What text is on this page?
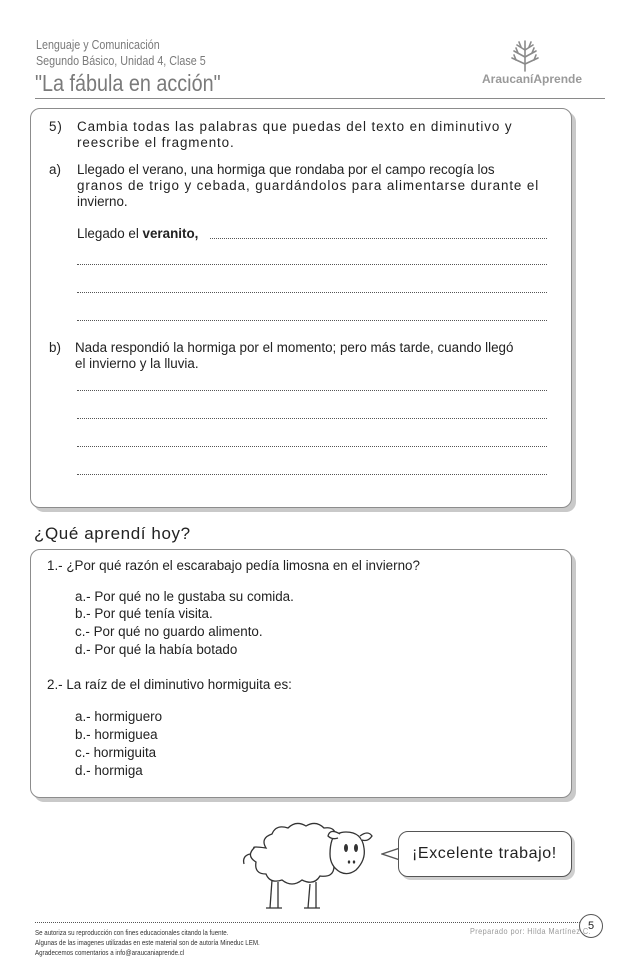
Lenguaje y Comunicación
Segundo Básico, Unidad 4, Clase 5
"La fábula en acción"	AraucaníAprende
5) Cambia todas las palabras que puedas del texto en diminutivo y
reescribe el fragmento.
a) Llegado el verano, una hormiga que rondaba por el campo recogía los
granos de trigo y cebada, guardándolos para alimentarse durante el
invierno.
Llegado el veranito,
b) Nada respondió la hormiga por el momento; pero más tarde, cuando llegó
el invierno y la lluvia.
¿Qué aprendí hoy?
1.- ¿Por qué razón el escarabajo pedía limosna en el invierno?
a.- Por qué no le gustaba su comida.
b.- Por qué tenía visita.
c.- Por qué no guardo alimento.
d.- Por qué la había botado
2.- La raíz de el diminutivo hormiguita es:
a.- hormiguero
b.- hormiguea
c.- hormiguita
d.- hormiga
¡Excelente trabajo!
Se autoriza su reproducción con fines educacionales citando la fuente.
Algunas de las imagenes utilizadas en este material son de autoría Mineduc LEM.
Agradecemos comentarios a info@araucaniaprende.cl
Preparado por: Hilda Martínez C.
5
